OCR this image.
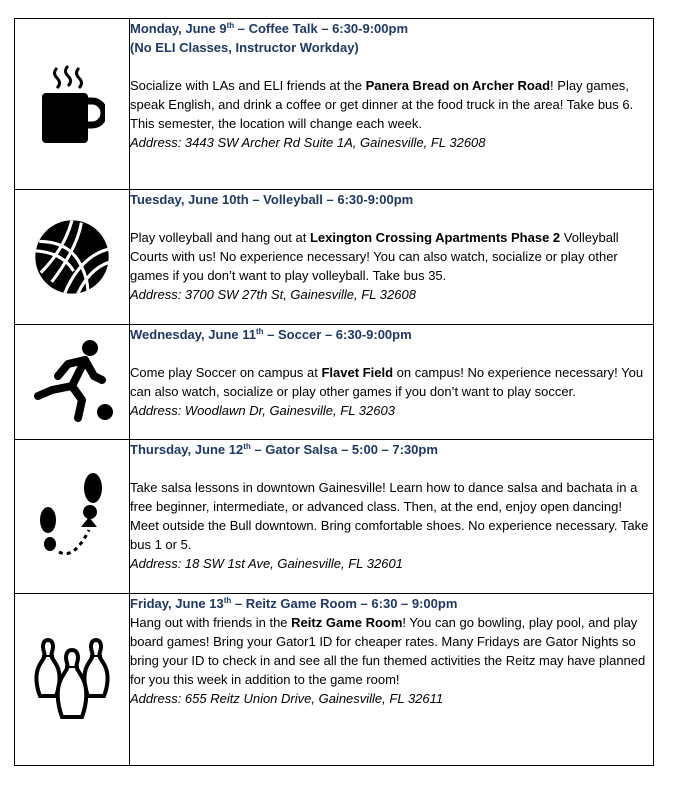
Monday, June 9th – Coffee Talk – 6:30-9:00pm
(No ELI Classes, Instructor Workday)

Socialize with LAs and ELI friends at the Panera Bread on Archer Road! Play games, speak English, and drink a coffee or get dinner at the food truck in the area! Take bus 6.

This semester, the location will change each week.

Address: 3443 SW Archer Rd Suite 1A, Gainesville, FL 32608

Tuesday, June 10th – Volleyball – 6:30-9:00pm

Play volleyball and hang out at Lexington Crossing Apartments Phase 2 Volleyball Courts with us! No experience necessary! You can also watch, socialize or play other games if you don’t want to play volleyball. Take bus 35.

Address: 3700 SW 27th St, Gainesville, FL 32608

Wednesday, June 11th – Soccer – 6:30-9:00pm

Come play Soccer on campus at Flavet Field on campus! No experience necessary! You can also watch, socialize or play other games if you don’t want to play soccer.

Address: Woodlawn Dr, Gainesville, FL 32603

Thursday, June 12th – Gator Salsa – 5:00 – 7:30pm

Take salsa lessons in downtown Gainesville! Learn how to dance salsa and bachata in a free beginner, intermediate, or advanced class. Then, at the end, enjoy open dancing! Meet outside the Bull downtown. Bring comfortable shoes. No experience necessary. Take bus 1 or 5.

Address: 18 SW 1st Ave, Gainesville, FL 32601

Friday, June 13th – Reitz Game Room – 6:30 – 9:00pm

Hang out with friends in the Reitz Game Room! You can go bowling, play pool, and play board games! Bring your Gator1 ID for cheaper rates. Many Fridays are Gator Nights so bring your ID to check in and see all the fun themed activities the Reitz may have planned for you this week in addition to the game room!

Address: 655 Reitz Union Drive, Gainesville, FL 32611
